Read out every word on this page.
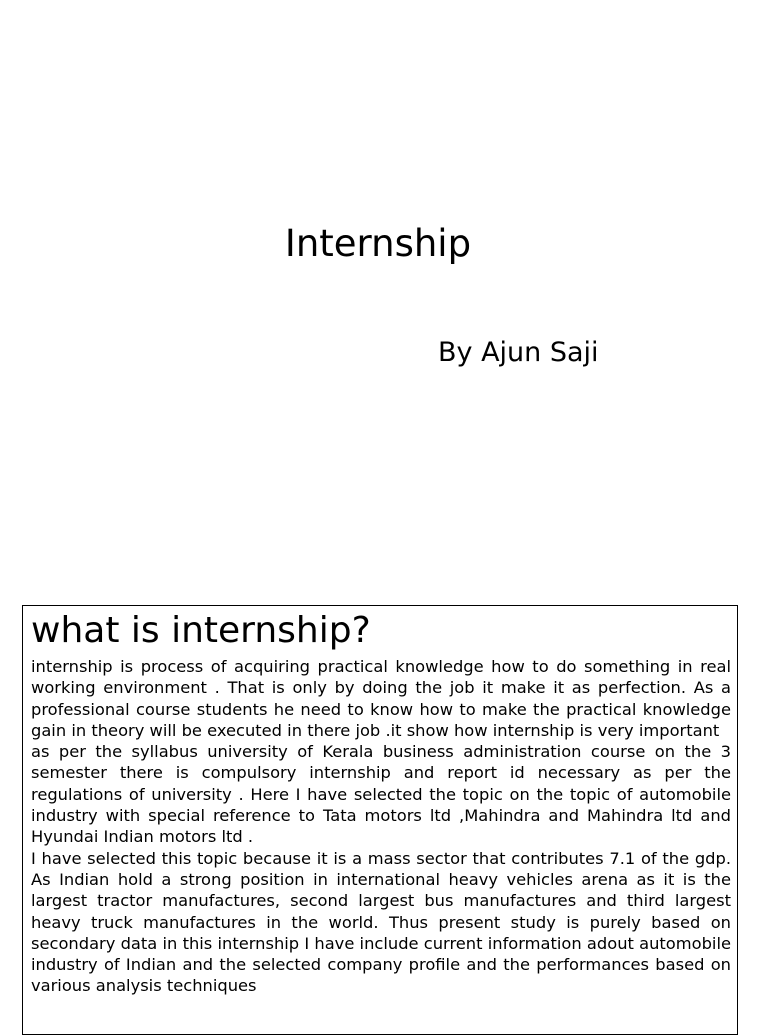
Internship

By Ajun Saji

what is internship?

internship is process of acquiring practical knowledge how to do something in real working environment . That is only by doing the job it make it as perfection. As a professional course students he need to know how to make the practical knowledge gain in theory will be executed in there job .it show how internship is very important

as per the syllabus university of Kerala business administration course on the 3 semester there is compulsory internship and report id necessary as per the regulations of university . Here I have selected the topic on the topic of automobile industry with special reference to Tata motors ltd ,Mahindra and Mahindra ltd and Hyundai Indian motors ltd .

I have selected this topic because it is a mass sector that contributes 7.1 of the gdp. As Indian hold a strong position in international heavy vehicles arena as it is the largest tractor manufactures, second largest bus manufactures and third largest heavy truck manufactures in the world. Thus present study is purely based on secondary data in this internship I have include current information adout automobile industry of Indian and the selected company profile and the performances based on various analysis techniques
